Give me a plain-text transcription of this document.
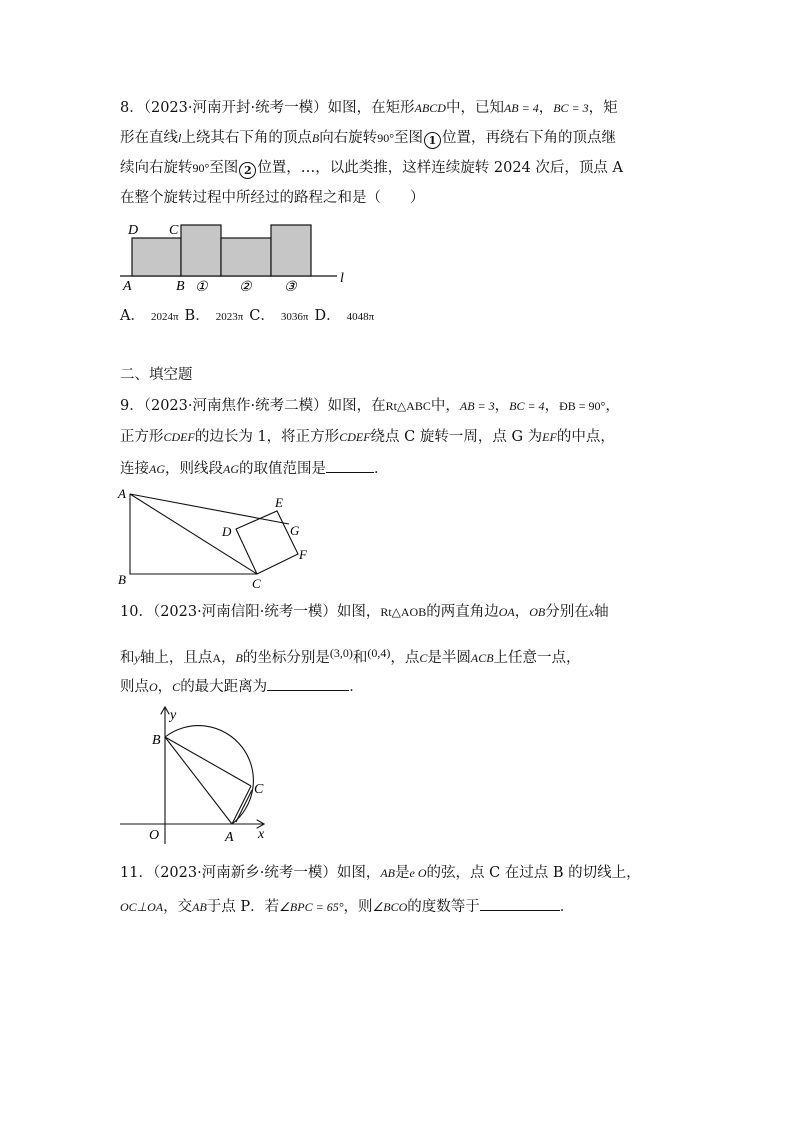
8．（2023·河南开封·统考一模）如图，在矩形ABCD中，已知AB = 4，BC = 3，矩
形在直线l上绕其右下角的顶点B向右旋转90°至图 1 位置，再绕右下角的顶点继
续向右旋转90°至图 2 位置，…，以此类推，这样连续旋转 2024 次后，顶点 A
在整个旋转过程中所经过的路程之和是（　　）
D C
A	B
l
① ② ③
A． 2024π B． 2023π C． 3036π D． 4048π
二、填空题
9．（2023·河南焦作·统考二模）如图，在Rt△ABC中，AB = 3，BC = 4，ÐB = 90°，
正方形CDEF的边长为 1，将正方形CDEF绕点 C 旋转一周，点 G 为EF的中点，
连接AG，则线段AG的取值范围是	．
A
B	C
D
E
G
F
10．（2023·河南信阳·统考一模）如图，Rt△AOB的两直角边OA，OB分别在x轴
和y轴上，且点A，B的坐标分别是$^{(3,0)}$和$^{(0,4)}$，点C是半圆ACB上任意一点，
则点O，C的最大距离为	．
y
x
B
C
O	A
11．（2023·河南新乡·统考一模）如图，AB是e O的弦，点 C 在过点 B 的切线上，
OC⊥OA，交AB于点 P．若∠BPC = 65°，则∠BCO的度数等于	．
